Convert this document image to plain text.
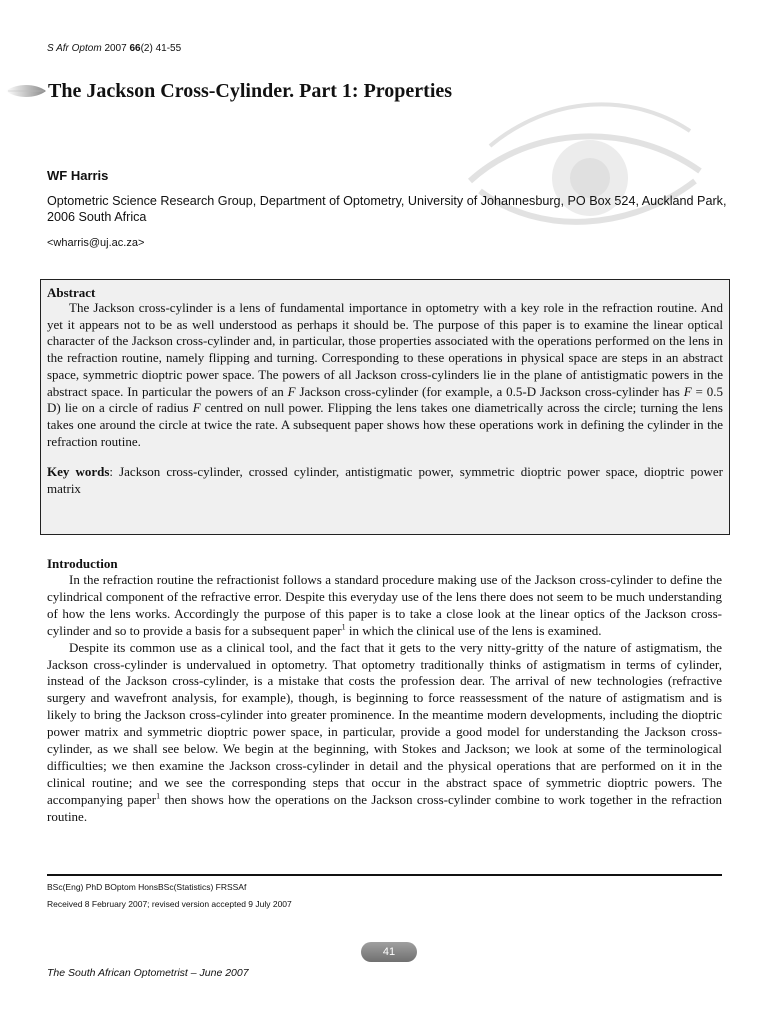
S Afr Optom 2007 66(2) 41-55
The Jackson Cross-Cylinder. Part 1: Properties
WF Harris
Optometric Science Research Group, Department of Optometry, University of Johannesburg, PO Box 524, Auckland Park, 2006 South Africa
<wharris@uj.ac.za>
Abstract

The Jackson cross-cylinder is a lens of fundamental importance in optometry with a key role in the refraction routine. And yet it appears not to be as well understood as perhaps it should be. The purpose of this paper is to examine the linear optical character of the Jackson cross-cylinder and, in particular, those properties associated with the operations performed on the lens in the refraction routine, namely flipping and turning. Corresponding to these operations in physical space are steps in an abstract space, symmetric dioptric power space. The powers of all Jackson cross-cylinders lie in the plane of antistigmatic powers in the abstract space. In particular the powers of an F Jackson cross-cylinder (for example, a 0.5-D Jackson cross-cylinder has F = 0.5 D) lie on a circle of radius F centred on null power. Flipping the lens takes one diametrically across the circle; turning the lens takes one around the circle at twice the rate. A subsequent paper shows how these operations work in defining the cylinder in the refraction routine.

Key words: Jackson cross-cylinder, crossed cylinder, antistigmatic power, symmetric dioptric power space, dioptric power matrix

Introduction

In the refraction routine the refractionist follows a standard procedure making use of the Jackson cross-cylinder to define the cylindrical component of the refractive error. Despite this everyday use of the lens there does not seem to be much understanding of how the lens works. Accordingly the purpose of this paper is to take a close look at the linear optics of the Jackson cross-cylinder and so to provide a basis for a subsequent paper$^1$ in which the clinical use of the lens is examined.

Despite its common use as a clinical tool, and the fact that it gets to the very nitty-gritty of the nature of astigmatism, the Jackson cross-cylinder is undervalued in optometry. That optometry traditionally thinks of astigmatism in terms of cylinder, instead of the Jackson cross-cylinder, is a mistake that costs the profession dear. The arrival of new technologies (refractive surgery and wavefront analysis, for example), though, is beginning to force reassessment of the nature of astigmatism and is likely to bring the Jackson cross-cylinder into greater prominence. In the meantime modern developments, including the dioptric power matrix and symmetric dioptric power space, in particular, provide a good model for understanding the Jackson cross-cylinder, as we shall see below. We begin at the beginning, with Stokes and Jackson; we look at some of the terminological difficulties; we then examine the Jackson cross-cylinder in detail and the physical operations that are performed on it in the clinical routine; and we see the corresponding steps that occur in the abstract space of symmetric dioptric powers. The accompanying paper$^1$ then shows how the operations on the Jackson cross-cylinder combine to work together in the refraction routine.

BSc(Eng) PhD BOptom HonsBSc(Statistics) FRSSAf
Received 8 February 2007; revised version accepted 9 July 2007
41
The South African Optometrist – June 2007
